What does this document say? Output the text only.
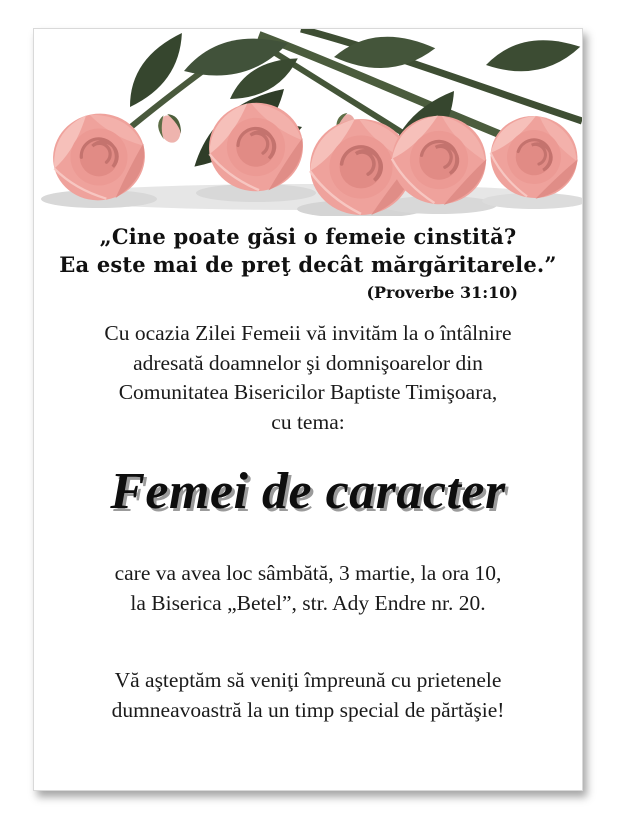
„Cine poate găsi o femeie cinstită?
Ea este mai de preţ decât mărgăritarele.”
(Proverbe 31:10)
Cu ocazia Zilei Femeii vă invităm la o întâlnire
adresată doamnelor şi domnişoarelor din
Comunitatea Bisericilor Baptiste Timişoara,
cu tema:
Femei de caracter
care va avea loc sâmbătă, 3 martie, la ora 10,
la Biserica „Betel”, str. Ady Endre nr. 20.
Vă aşteptăm să veniţi împreună cu prietenele
dumneavoastră la un timp special de părtăşie!
